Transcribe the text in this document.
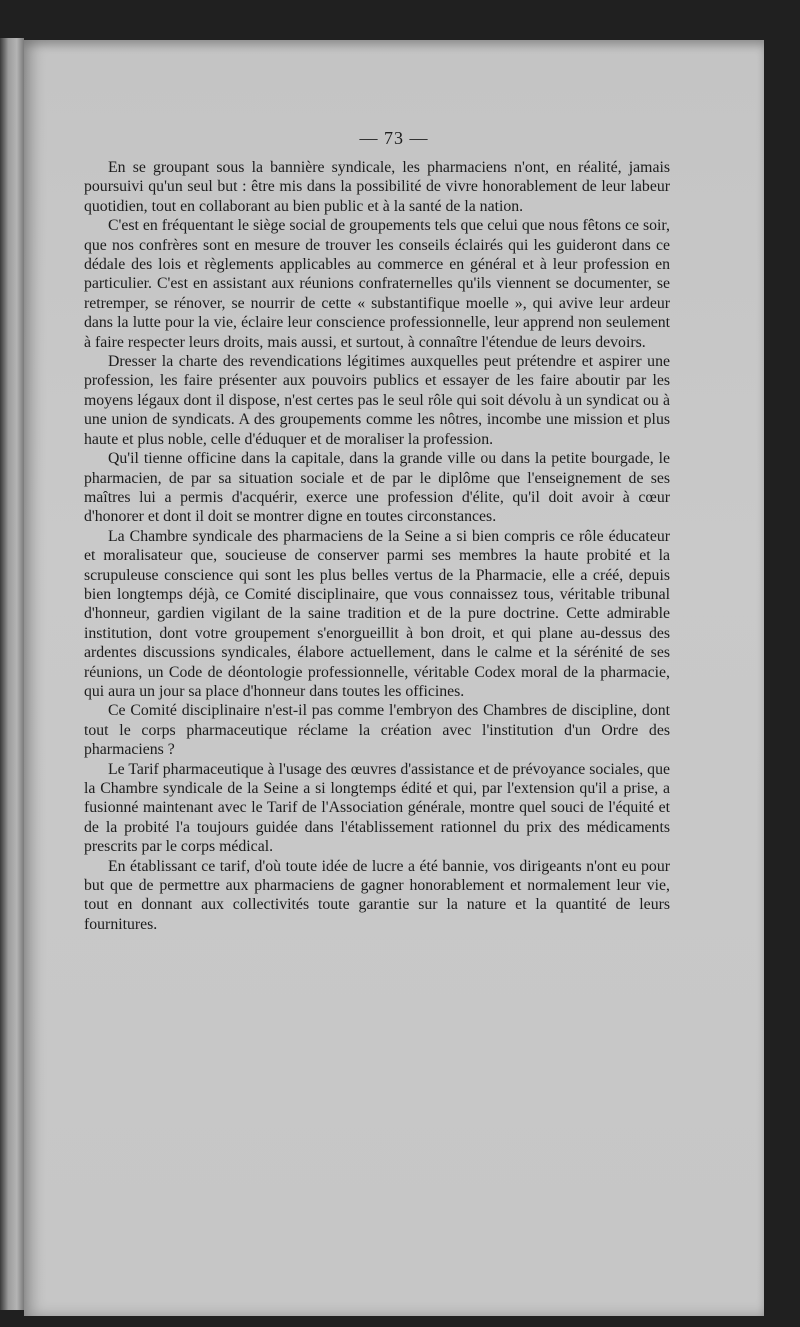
— 73 —

En se groupant sous la bannière syndicale, les pharmaciens n'ont, en réalité, jamais poursuivi qu'un seul but : être mis dans la possibilité de vivre honorablement de leur labeur quotidien, tout en collaborant au bien public et à la santé de la nation.

C'est en fréquentant le siège social de groupements tels que celui que nous fêtons ce soir, que nos confrères sont en mesure de trouver les conseils éclairés qui les guideront dans ce dédale des lois et règlements applicables au commerce en général et à leur profession en particulier. C'est en assistant aux réunions confraternelles qu'ils viennent se documenter, se retremper, se rénover, se nourrir de cette « substantifique moelle », qui avive leur ardeur dans la lutte pour la vie, éclaire leur conscience professionnelle, leur apprend non seulement à faire respecter leurs droits, mais aussi, et surtout, à connaître l'étendue de leurs devoirs.

Dresser la charte des revendications légitimes auxquelles peut prétendre et aspirer une profession, les faire présenter aux pouvoirs publics et essayer de les faire aboutir par les moyens légaux dont il dispose, n'est certes pas le seul rôle qui soit dévolu à un syndicat ou à une union de syndicats. A des groupements comme les nôtres, incombe une mission et plus haute et plus noble, celle d'éduquer et de moraliser la profession.

Qu'il tienne officine dans la capitale, dans la grande ville ou dans la petite bourgade, le pharmacien, de par sa situation sociale et de par le diplôme que l'enseignement de ses maîtres lui a permis d'acquérir, exerce une profession d'élite, qu'il doit avoir à cœur d'honorer et dont il doit se montrer digne en toutes circonstances.

La Chambre syndicale des pharmaciens de la Seine a si bien compris ce rôle éducateur et moralisateur que, soucieuse de conserver parmi ses membres la haute probité et la scrupuleuse conscience qui sont les plus belles vertus de la Pharmacie, elle a créé, depuis bien longtemps déjà, ce Comité disciplinaire, que vous connaissez tous, véritable tribunal d'honneur, gardien vigilant de la saine tradition et de la pure doctrine. Cette admirable institution, dont votre groupement s'enorgueillit à bon droit, et qui plane au-dessus des ardentes discussions syndicales, élabore actuellement, dans le calme et la sérénité de ses réunions, un Code de déontologie professionnelle, véritable Codex moral de la pharmacie, qui aura un jour sa place d'honneur dans toutes les officines.

Ce Comité disciplinaire n'est-il pas comme l'embryon des Chambres de discipline, dont tout le corps pharmaceutique réclame la création avec l'institution d'un Ordre des pharmaciens ?

Le Tarif pharmaceutique à l'usage des œuvres d'assistance et de prévoyance sociales, que la Chambre syndicale de la Seine a si longtemps édité et qui, par l'extension qu'il a prise, a fusionné maintenant avec le Tarif de l'Association générale, montre quel souci de l'équité et de la probité l'a toujours guidée dans l'établissement rationnel du prix des médicaments prescrits par le corps médical.

En établissant ce tarif, d'où toute idée de lucre a été bannie, vos dirigeants n'ont eu pour but que de permettre aux pharmaciens de gagner honorablement et normalement leur vie, tout en donnant aux collectivités toute garantie sur la nature et la quantité de leurs fournitures.
